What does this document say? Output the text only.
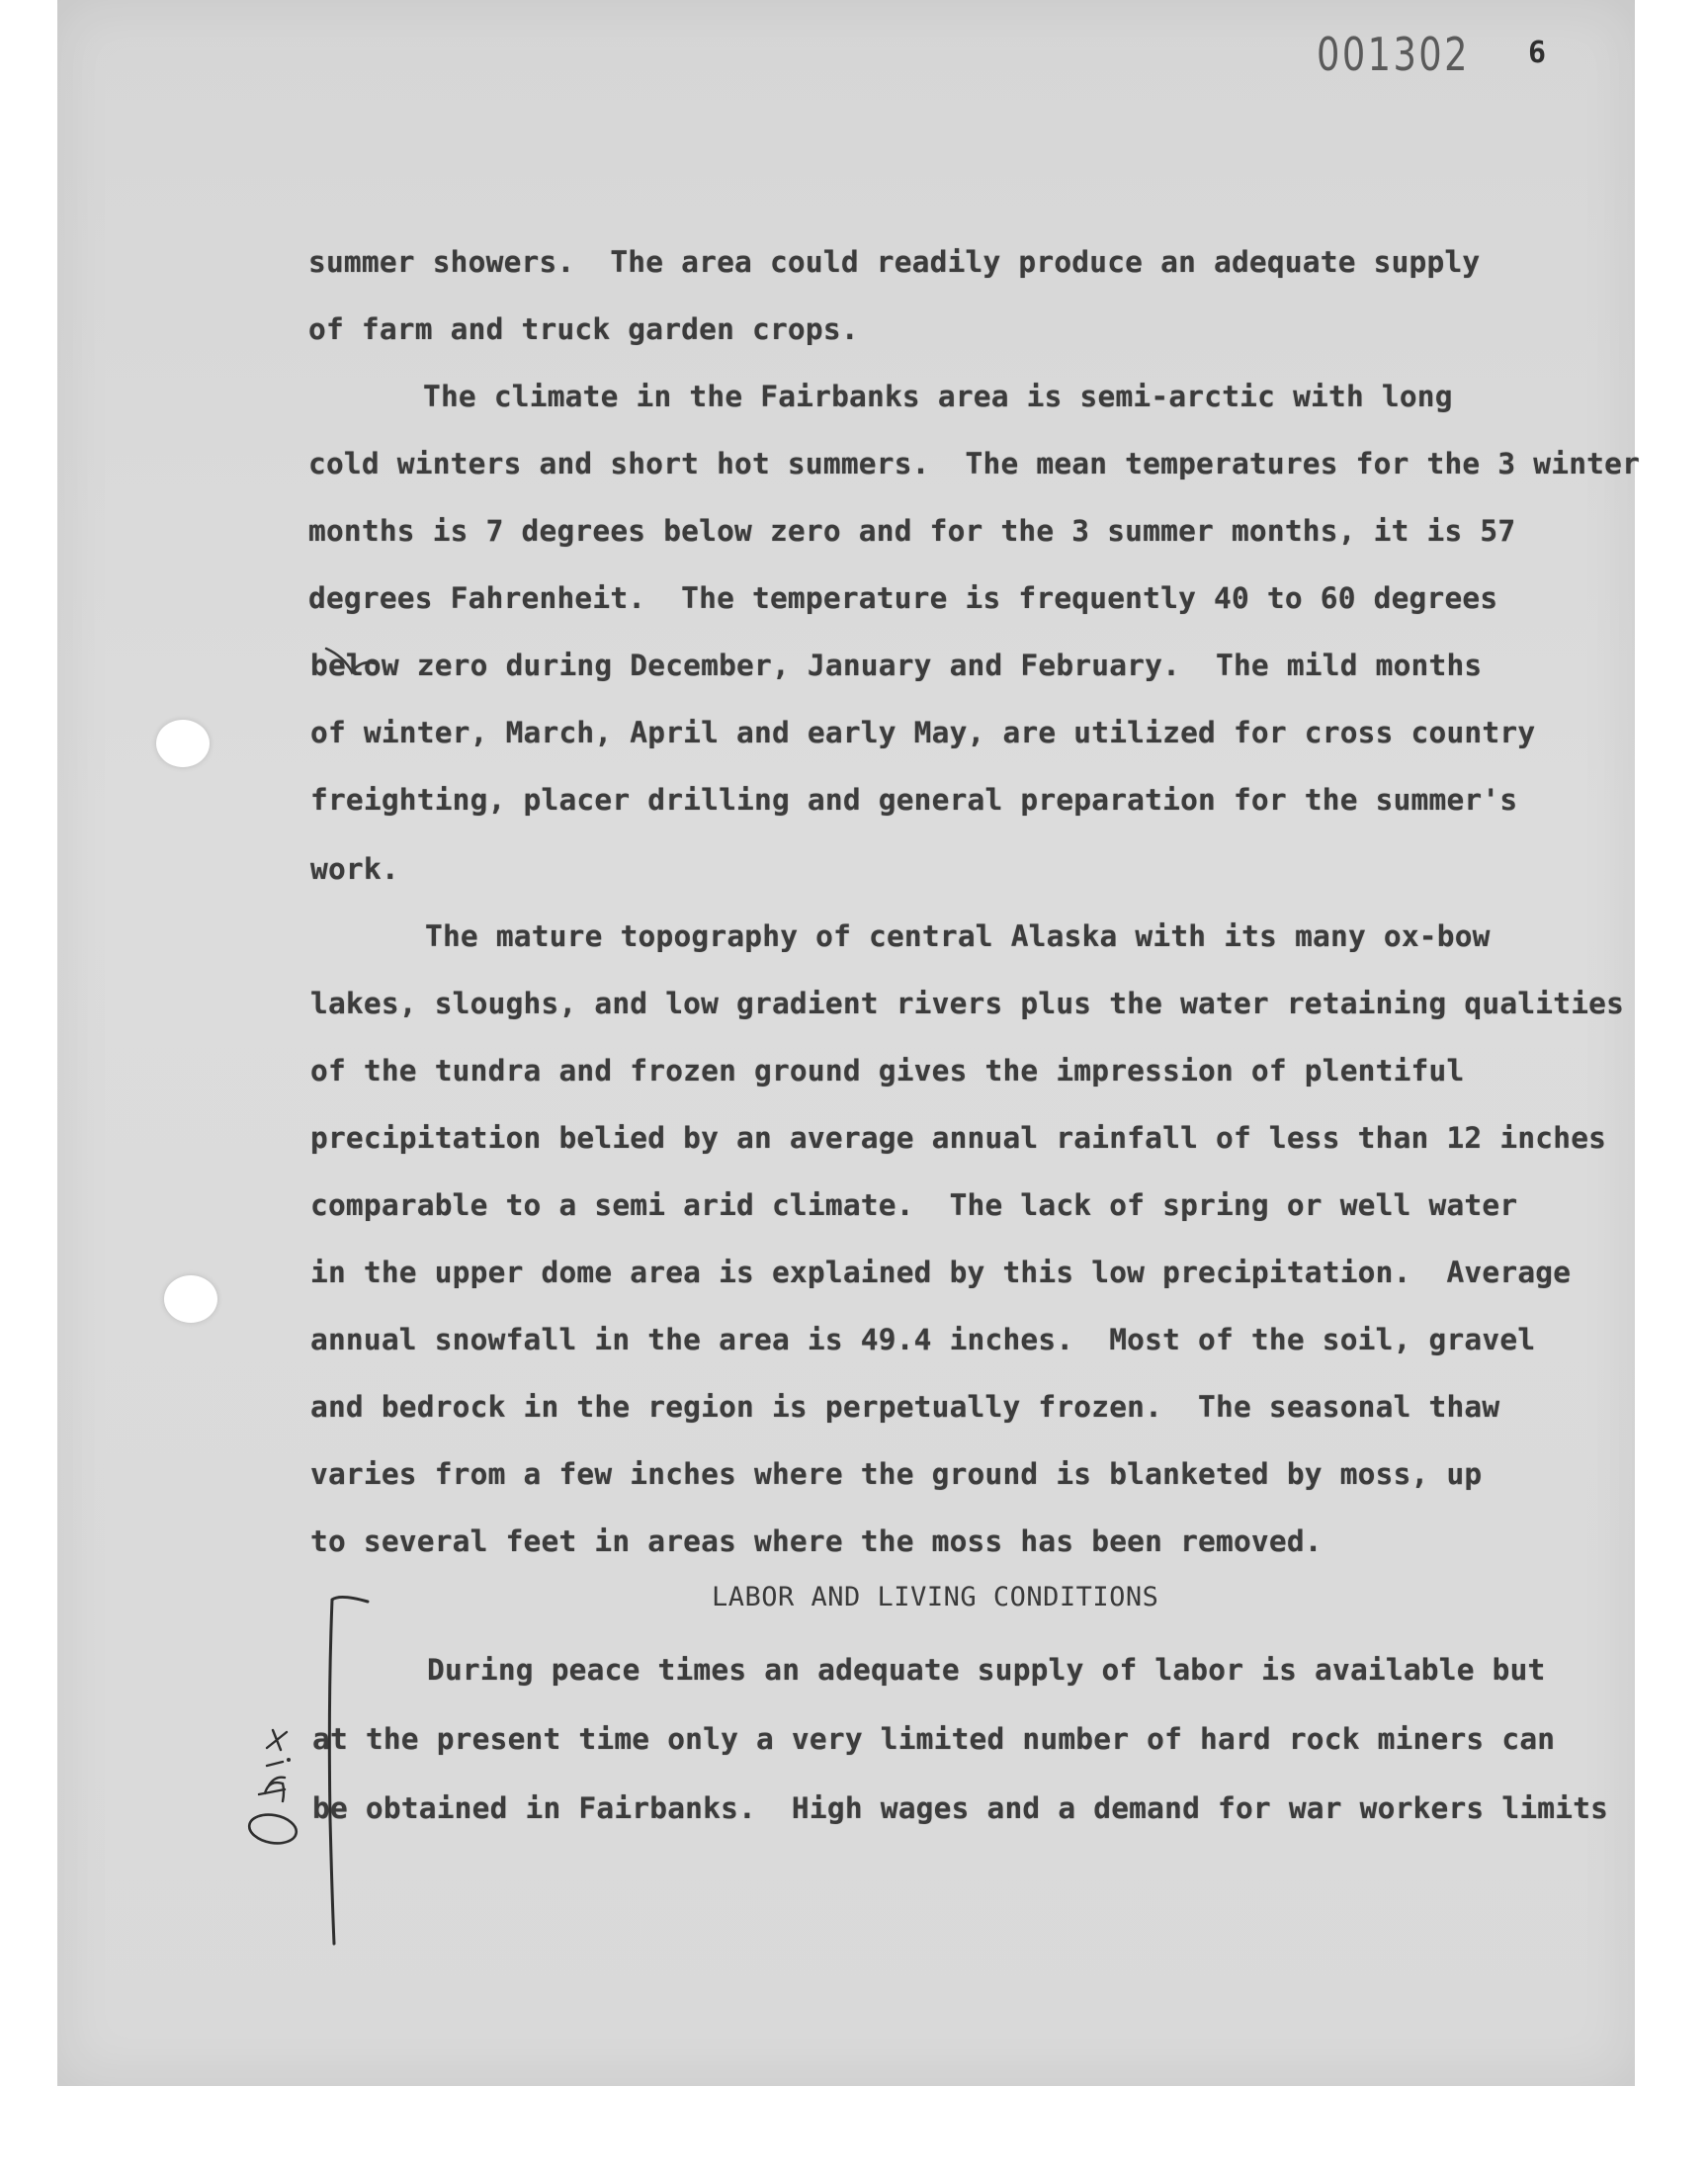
001302 6
summer showers.  The area could readily produce an adequate supply
of farm and truck garden crops.
The climate in the Fairbanks area is semi-arctic with long
cold winters and short hot summers.  The mean temperatures for the 3 winter
months is 7 degrees below zero and for the 3 summer months, it is 57
degrees Fahrenheit.  The temperature is frequently 40 to 60 degrees
below zero during December, January and February.  The mild months
of winter, March, April and early May, are utilized for cross country
freighting, placer drilling and general preparation for the summer's
work.
The mature topography of central Alaska with its many ox-bow
lakes, sloughs, and low gradient rivers plus the water retaining qualities
of the tundra and frozen ground gives the impression of plentiful
precipitation belied by an average annual rainfall of less than 12 inches
comparable to a semi arid climate.  The lack of spring or well water
in the upper dome area is explained by this low precipitation.  Average
annual snowfall in the area is 49.4 inches.  Most of the soil, gravel
and bedrock in the region is perpetually frozen.  The seasonal thaw
varies from a few inches where the ground is blanketed by moss, up
to several feet in areas where the moss has been removed.
LABOR AND LIVING CONDITIONS
During peace times an adequate supply of labor is available but
at the present time only a very limited number of hard rock miners can
be obtained in Fairbanks.  High wages and a demand for war workers limits
